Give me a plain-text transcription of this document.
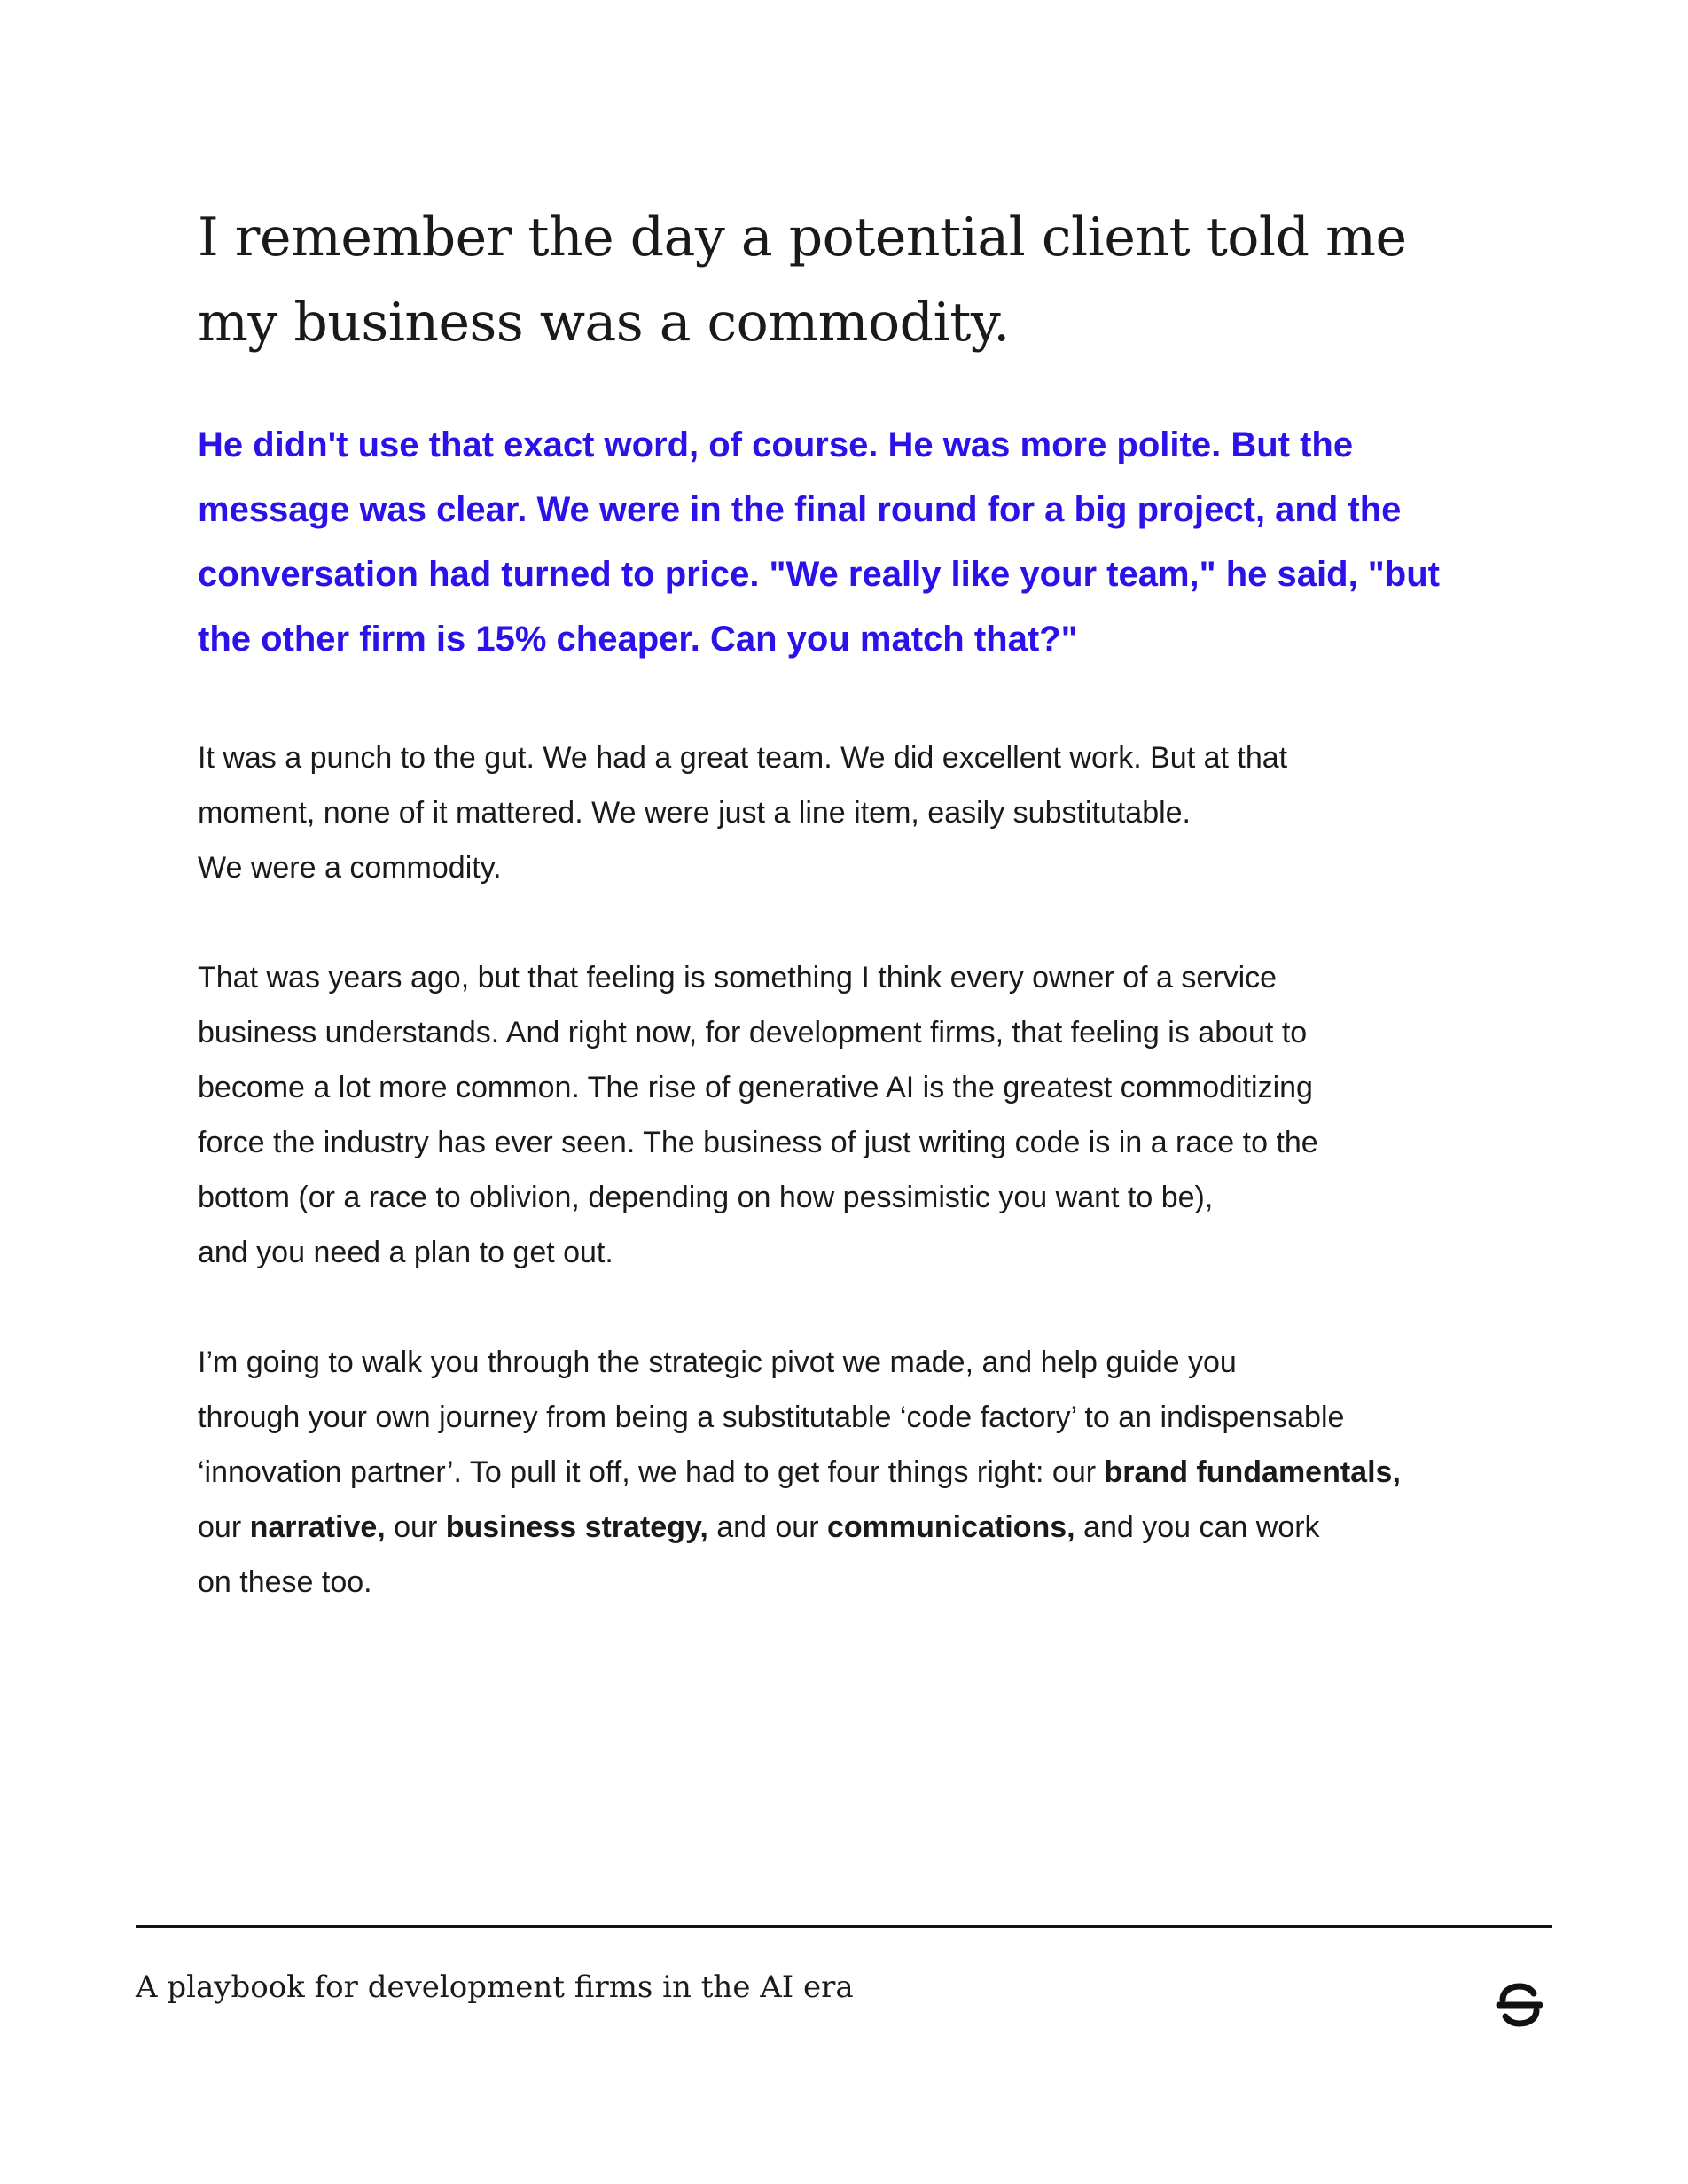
I remember the day a potential client told me
my business was a commodity.

He didn't use that exact word, of course. He was more polite. But the
message was clear. We were in the final round for a big project, and the
conversation had turned to price. "We really like your team," he said, "but
the other firm is 15% cheaper. Can you match that?"

It was a punch to the gut. We had a great team. We did excellent work. But at that
moment, none of it mattered. We were just a line item, easily substitutable.
We were a commodity.

That was years ago, but that feeling is something I think every owner of a service
business understands. And right now, for development firms, that feeling is about to
become a lot more common. The rise of generative AI is the greatest commoditizing
force the industry has ever seen. The business of just writing code is in a race to the
bottom (or a race to oblivion, depending on how pessimistic you want to be),
and you need a plan to get out.

I’m going to walk you through the strategic pivot we made, and help guide you
through your own journey from being a substitutable ‘code factory’ to an indispensable
‘innovation partner’. To pull it off, we had to get four things right: our brand fundamentals,
our narrative, our business strategy, and our communications, and you can work
on these too.

A playbook for development firms in the AI era
